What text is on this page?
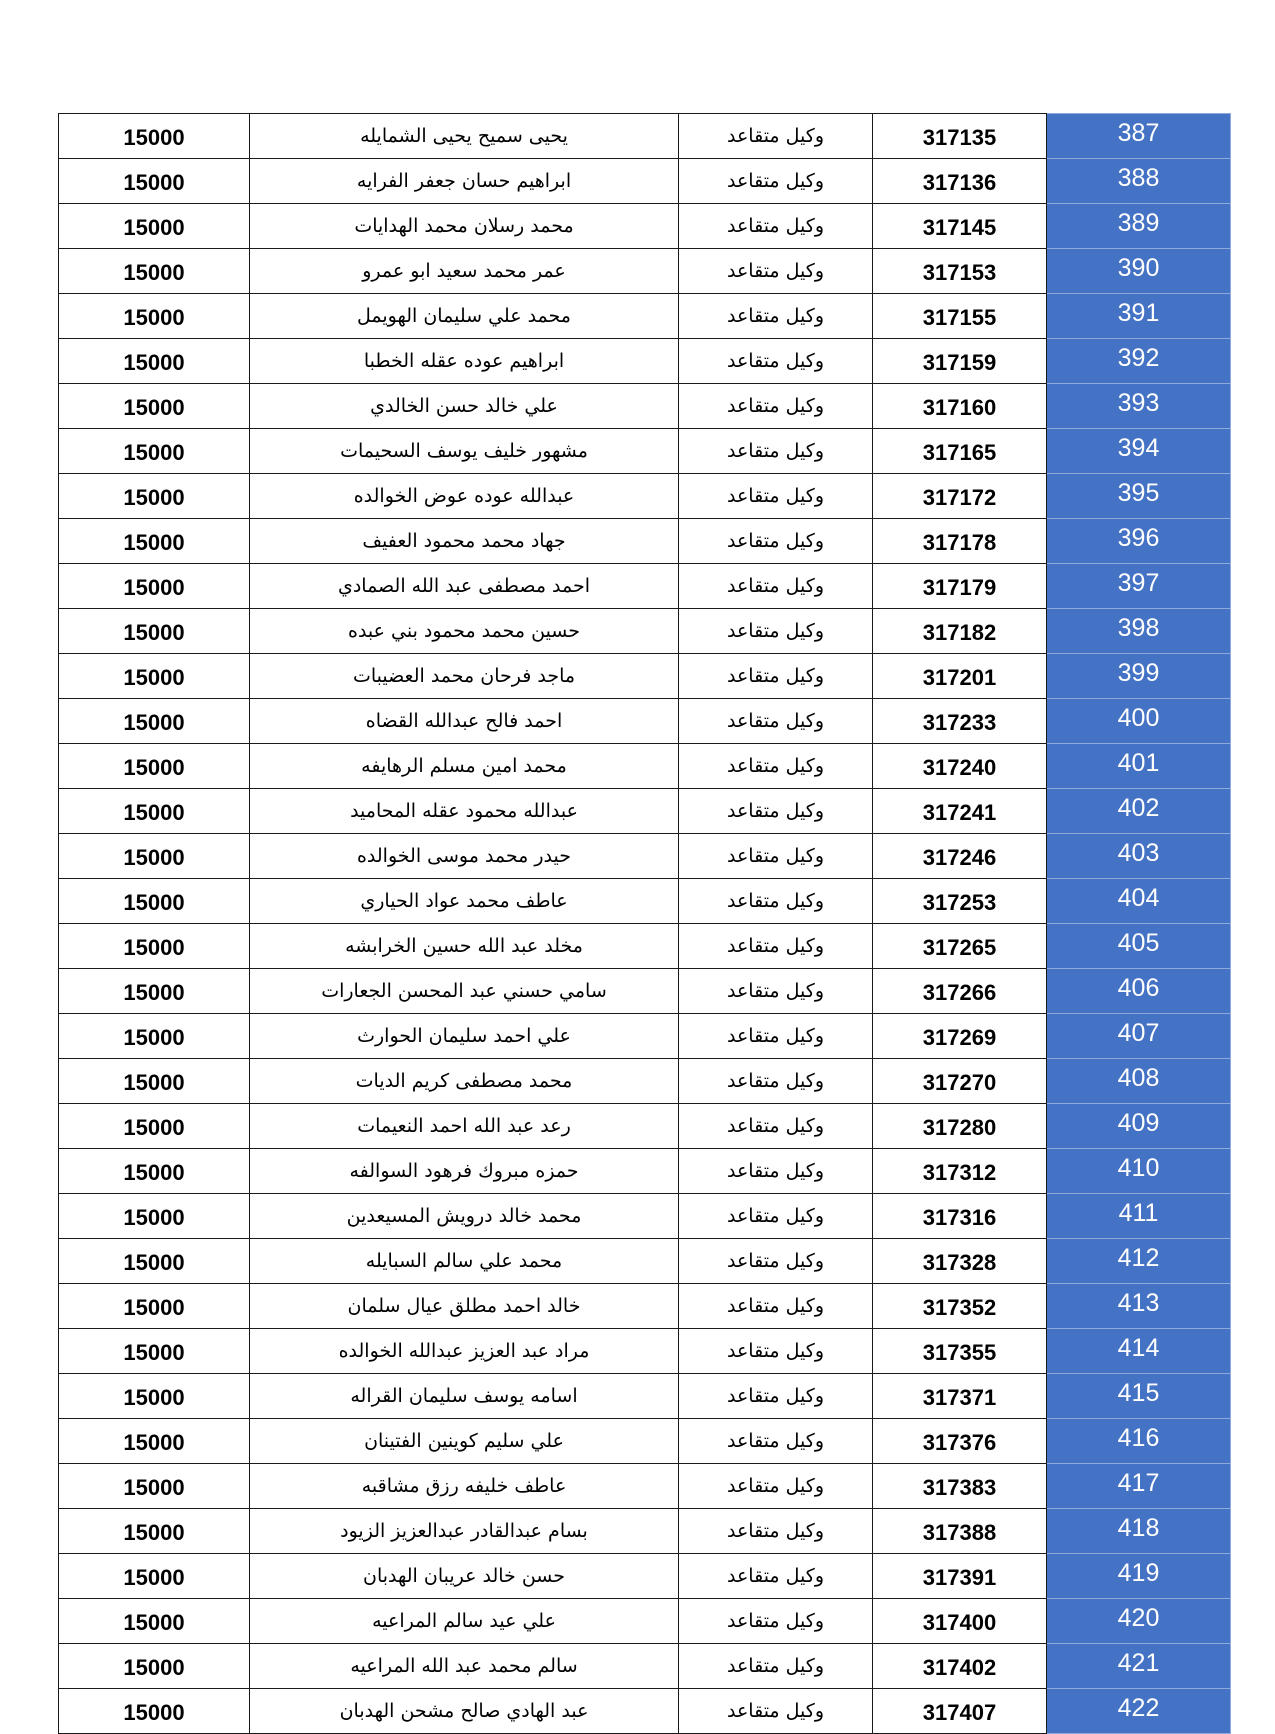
15000	يحيى سميح يحيى الشمايله	وكيل متقاعد	317135	387
15000	ابراهيم حسان جعفر الفرايه	وكيل متقاعد	317136	388
15000	محمد رسلان محمد الهدايات	وكيل متقاعد	317145	389
15000	عمر محمد سعيد ابو عمرو	وكيل متقاعد	317153	390
15000	محمد علي سليمان الهويمل	وكيل متقاعد	317155	391
15000	ابراهيم عوده عقله الخطبا	وكيل متقاعد	317159	392
15000	علي خالد حسن الخالدي	وكيل متقاعد	317160	393
15000	مشهور خليف يوسف السحيمات	وكيل متقاعد	317165	394
15000	عبدالله عوده عوض الخوالده	وكيل متقاعد	317172	395
15000	جهاد محمد محمود العفيف	وكيل متقاعد	317178	396
15000	احمد مصطفى عبد الله الصمادي	وكيل متقاعد	317179	397
15000	حسين محمد محمود بني عبده	وكيل متقاعد	317182	398
15000	ماجد فرحان محمد العضيبات	وكيل متقاعد	317201	399
15000	احمد فالح عبدالله القضاه	وكيل متقاعد	317233	400
15000	محمد امين مسلم الرهايفه	وكيل متقاعد	317240	401
15000	عبدالله محمود عقله المحاميد	وكيل متقاعد	317241	402
15000	حيدر محمد موسى الخوالده	وكيل متقاعد	317246	403
15000	عاطف محمد عواد الحياري	وكيل متقاعد	317253	404
15000	مخلد عبد الله حسين الخرابشه	وكيل متقاعد	317265	405
15000	سامي حسني عبد المحسن الجعارات	وكيل متقاعد	317266	406
15000	علي احمد سليمان الحوارث	وكيل متقاعد	317269	407
15000	محمد مصطفى كريم الديات	وكيل متقاعد	317270	408
15000	رعد عبد الله احمد النعيمات	وكيل متقاعد	317280	409
15000	حمزه مبروك فرهود السوالفه	وكيل متقاعد	317312	410
15000	محمد خالد درويش المسيعدين	وكيل متقاعد	317316	411
15000	محمد علي سالم السبايله	وكيل متقاعد	317328	412
15000	خالد احمد مطلق عيال سلمان	وكيل متقاعد	317352	413
15000	مراد عبد العزيز عبدالله الخوالده	وكيل متقاعد	317355	414
15000	اسامه يوسف سليمان القراله	وكيل متقاعد	317371	415
15000	علي سليم كوينين الفتينان	وكيل متقاعد	317376	416
15000	عاطف خليفه رزق مشاقبه	وكيل متقاعد	317383	417
15000	بسام عبدالقادر عبدالعزيز الزيود	وكيل متقاعد	317388	418
15000	حسن خالد عريبان الهدبان	وكيل متقاعد	317391	419
15000	علي عيد سالم المراعيه	وكيل متقاعد	317400	420
15000	سالم محمد عبد الله المراعيه	وكيل متقاعد	317402	421
15000	عبد الهادي صالح مشحن الهدبان	وكيل متقاعد	317407	422
